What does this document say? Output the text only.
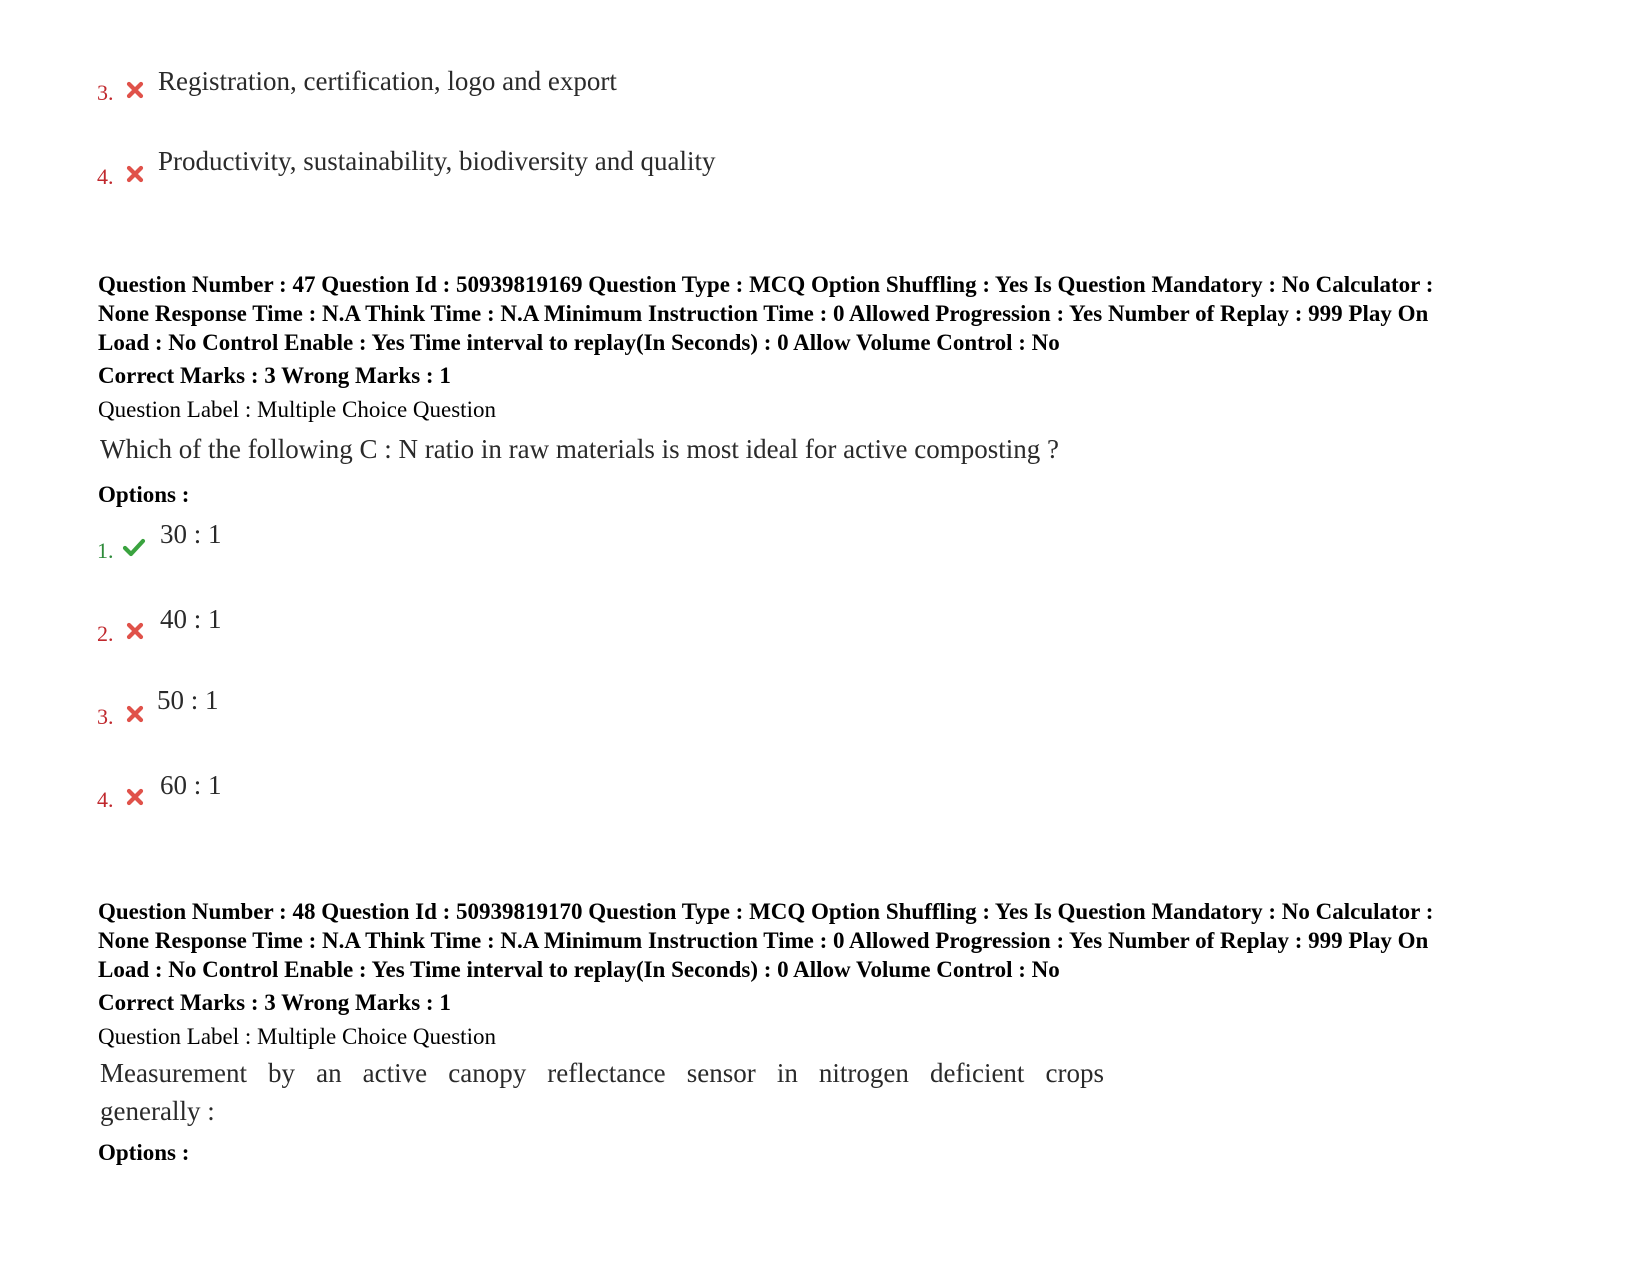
3. Registration, certification, logo and export
4.
Productivity, sustainability, biodiversity and quality
Question Number : 47 Question Id : 50939819169 Question Type : MCQ Option Shuffling : Yes Is Question Mandatory : No Calculator :
None Response Time : N.A Think Time : N.A Minimum Instruction Time : 0 Allowed Progression : Yes Number of Replay : 999 Play On
Load : No Control Enable : Yes Time interval to replay(In Seconds) : 0 Allow Volume Control : No
Correct Marks : 3 Wrong Marks : 1
Question Label : Multiple Choice Question
Which of the following C : N ratio in raw materials is most ideal for active composting ?
Options :
1.
30 : 1
2. 40 : 1
3.
50 : 1
4. 60 : 1
Question Number : 48 Question Id : 50939819170 Question Type : MCQ Option Shuffling : Yes Is Question Mandatory : No Calculator :
None Response Time : N.A Think Time : N.A Minimum Instruction Time : 0 Allowed Progression : Yes Number of Replay : 999 Play On
Load : No Control Enable : Yes Time interval to replay(In Seconds) : 0 Allow Volume Control : No
Correct Marks : 3 Wrong Marks : 1
Question Label : Multiple Choice Question
Measurement by an active canopy reflectance sensor in nitrogen deficient crops
generally :
Options :
